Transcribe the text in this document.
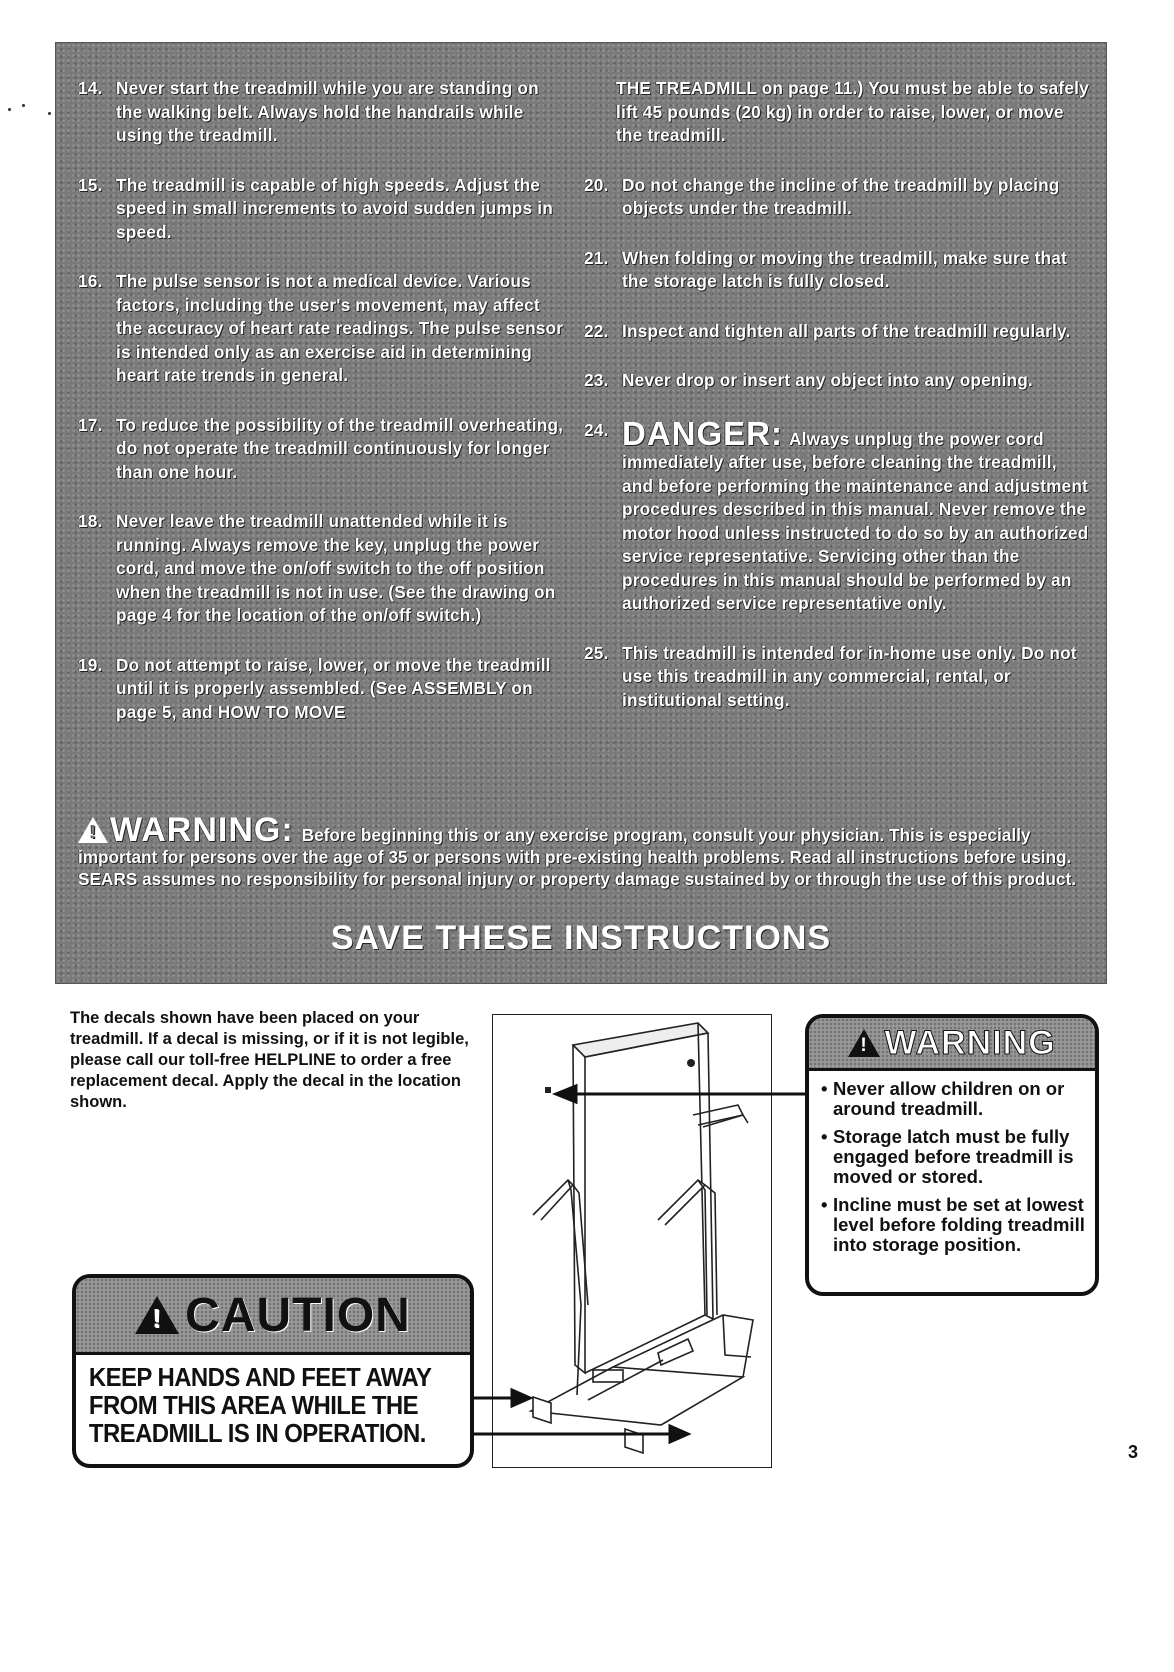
14. Never start the treadmill while you are standing on the walking belt. Always hold the handrails while using the treadmill.
15. The treadmill is capable of high speeds. Adjust the speed in small increments to avoid sudden jumps in speed.
16. The pulse sensor is not a medical device. Various factors, including the user's movement, may affect the accuracy of heart rate readings. The pulse sensor is intended only as an exercise aid in determining heart rate trends in general.
17. To reduce the possibility of the treadmill overheating, do not operate the treadmill continuously for longer than one hour.
18. Never leave the treadmill unattended while it is running. Always remove the key, unplug the power cord, and move the on/off switch to the off position when the treadmill is not in use. (See the drawing on page 4 for the location of the on/off switch.)
19. Do not attempt to raise, lower, or move the treadmill until it is properly assembled. (See ASSEMBLY on page 5, and HOW TO MOVE
THE TREADMILL on page 11.) You must be able to safely lift 45 pounds (20 kg) in order to raise, lower, or move the treadmill.
20. Do not change the incline of the treadmill by placing objects under the treadmill.
21. When folding or moving the treadmill, make sure that the storage latch is fully closed.
22. Inspect and tighten all parts of the treadmill regularly.
23. Never drop or insert any object into any opening.
24. DANGER: Always unplug the power cord immediately after use, before cleaning the treadmill, and before performing the maintenance and adjustment procedures described in this manual. Never remove the motor hood unless instructed to do so by an authorized service representative. Servicing other than the procedures in this manual should be performed by an authorized service representative only.
25. This treadmill is intended for in-home use only. Do not use this treadmill in any commercial, rental, or institutional setting.
!WARNING: Before beginning this or any exercise program, consult your physician. This is especially important for persons over the age of 35 or persons with pre-existing health problems. Read all instructions before using. SEARS assumes no responsibility for personal injury or property damage sustained by or through the use of this product.
SAVE THESE INSTRUCTIONS
The decals shown have been placed on your treadmill. If a decal is missing, or if it is not legible, please call our toll-free HELPLINE to order a free replacement decal. Apply the decal in the location shown.
!
CAUTION
KEEP HANDS AND FEET AWAY
FROM THIS AREA WHILE THE
TREADMILL IS IN OPERATION.
!
WARNING
• Never allow children on or around treadmill.
• Storage latch must be fully engaged before treadmill is moved or stored.
• Incline must be set at lowest level before folding treadmill into storage position.
3
